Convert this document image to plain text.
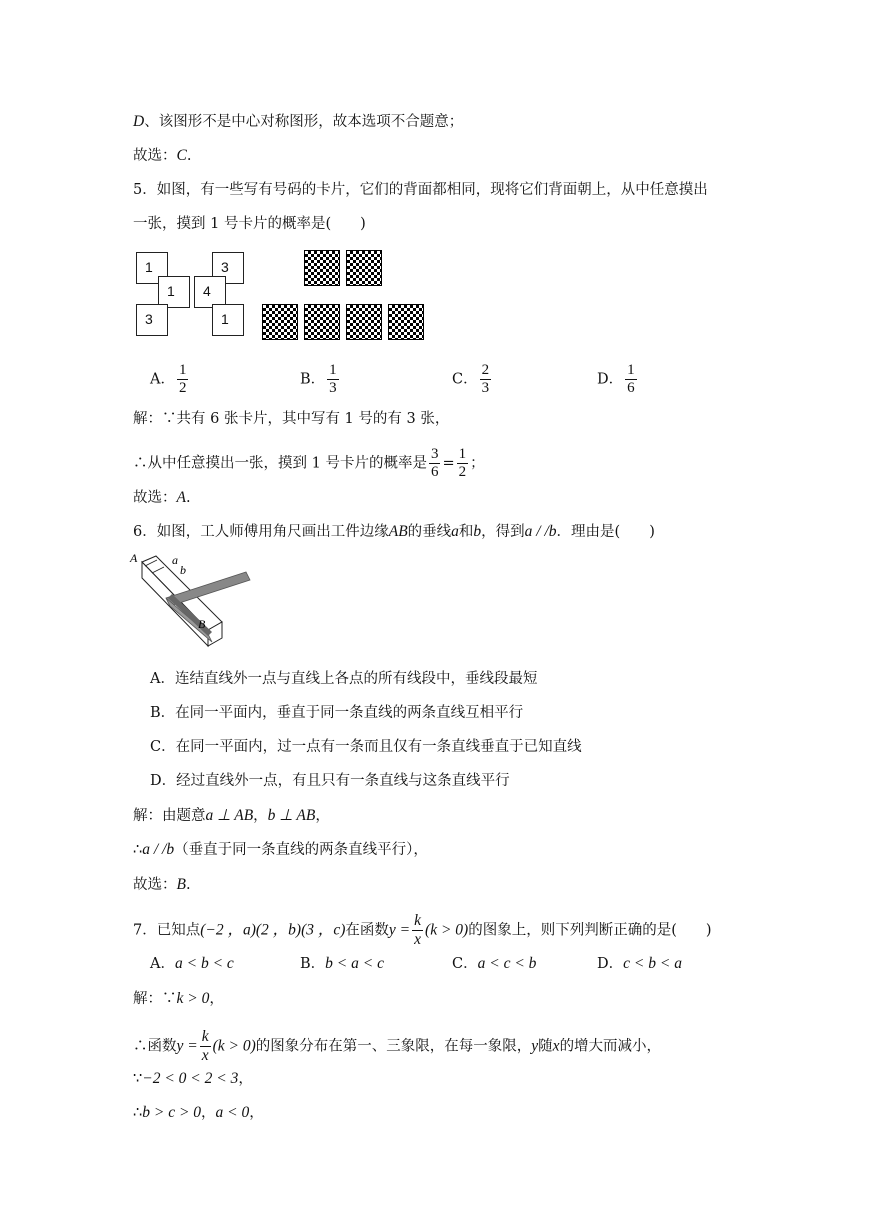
D、该图形不是中心对称图形，故本选项不合题意；
故选：C.
5．如图，有一些写有号码的卡片，它们的背面都相同，现将它们背面朝上，从中任意摸出
一张，摸到 1 号卡片的概率是(　　)
1
1
3
3
4
1
A． $\frac{1}{2}$	B． $\frac{1}{3}$	C． $\frac{2}{3}$	D． $\frac{1}{6}$
解：∵共有 6 张卡片，其中写有 1 号的有 3 张，
∴从中任意摸出一张，摸到 1 号卡片的概率是 $\frac{3}{6} = \frac{1}{2}$ ；
故选：A.
6．如图，工人师傅用角尺画出工件边缘AB的垂线a和b，得到a / /b．理由是(　　)
A	a
b
B
A．连结直线外一点与直线上各点的所有线段中，垂线段最短
B．在同一平面内，垂直于同一条直线的两条直线互相平行
C．在同一平面内，过一点有一条而且仅有一条直线垂直于已知直线
D．经过直线外一点，有且只有一条直线与这条直线平行
解：由题意a ⊥ AB，b ⊥ AB，
∴a / /b（垂直于同一条直线的两条直线平行），
故选：B.
7．已知点(−2 ，a)(2 ，b)(3 ，c)在函数$y = \frac{k}{x} (k > 0)$的图象上，则下列判断正确的是(　　)
A．a < b < c	B．b < a < c	C．a < c < b	D．c < b < a
解：∵k > 0，
∴函数$y = \frac{k}{x} (k > 0)$的图象分布在第一、三象限，在每一象限，y随x的增大而减小，
∵−2 < 0 < 2 < 3，
∴b > c > 0，a < 0，
